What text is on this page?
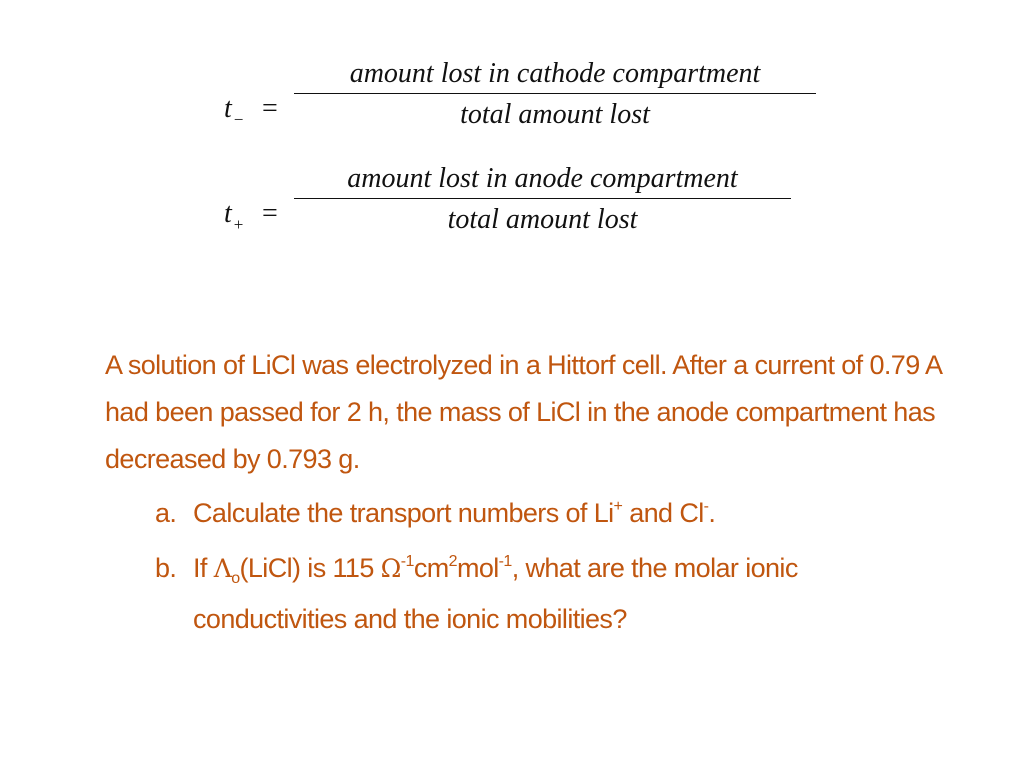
t $_-$ =
amount lost in cathode compartment
total amount lost
t $_+$ =
amount lost in anode compartment
total amount lost

A solution of LiCl was electrolyzed in a Hittorf cell. After a current of 0.79 A had been passed for 2 h, the mass of LiCl in the anode compartment has decreased by 0.793 g.

a. Calculate the transport numbers of Li+ and Cl-.
b. If $\Lambda_o(LiCl)$ is 115 $\Omega^{-1}cm^2mol^{-1}$, what are the molar ionic conductivities and the ionic mobilities?
